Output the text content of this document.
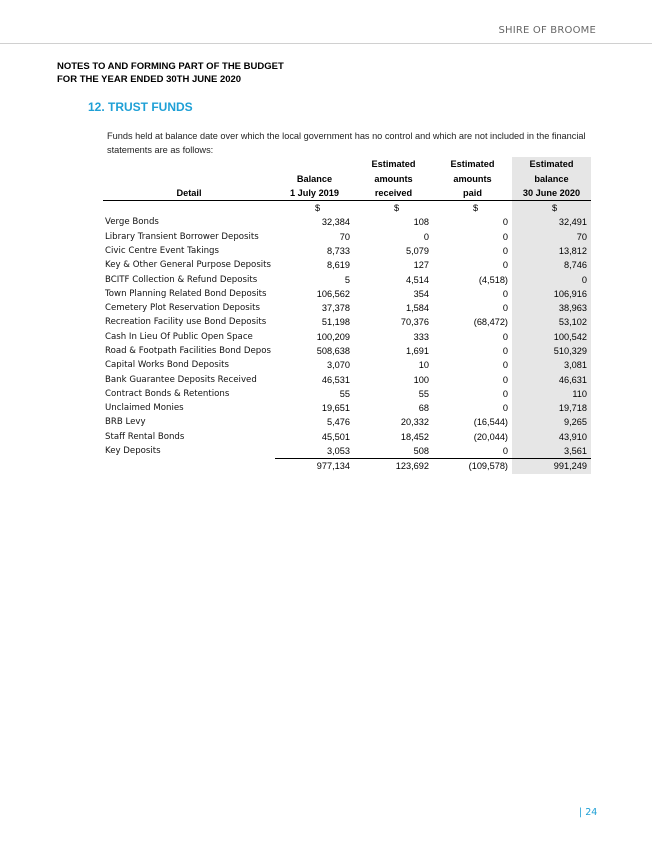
SHIRE OF BROOME
NOTES TO AND FORMING PART OF THE BUDGET
FOR THE YEAR ENDED 30TH JUNE 2020
12. TRUST FUNDS
Funds held at balance date over which the local government has no control and which are not included in the financial statements are as follows:
		Estimated	Estimated	Estimated
	Balance	amounts	amounts	balance
Detail	1 July 2019	received	paid	30 June 2020
	$	$	$	$
Verge Bonds	32,384	108	0	32,491
Library Transient Borrower Deposits	70	0	0	70
Civic Centre Event Takings	8,733	5,079	0	13,812
Key & Other General Purpose Deposits	8,619	127	0	8,746
BCITF Collection & Refund Deposits	5	4,514	(4,518)	0
Town Planning Related Bond Deposits	106,562	354	0	106,916
Cemetery Plot Reservation Deposits	37,378	1,584	0	38,963
Recreation Facility use Bond Deposits	51,198	70,376	(68,472)	53,102
Cash In Lieu Of Public Open Space	100,209	333	0	100,542
Road & Footpath Facilities Bond Depos	508,638	1,691	0	510,329
Capital Works Bond Deposits	3,070	10	0	3,081
Bank Guarantee Deposits Received	46,531	100	0	46,631
Contract Bonds & Retentions	55	55	0	110
Unclaimed Monies	19,651	68	0	19,718
BRB Levy	5,476	20,332	(16,544)	9,265
Staff Rental Bonds	45,501	18,452	(20,044)	43,910
Key Deposits	3,053	508	0	3,561
	977,134	123,692	(109,578)	991,249
| 24
